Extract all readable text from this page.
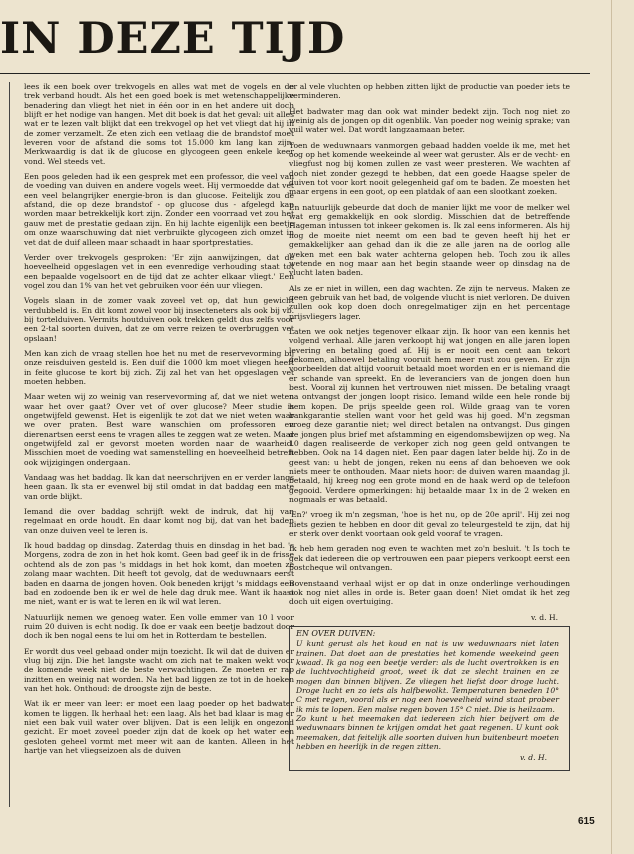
IN DEZE TIJD

lees ik een boek over trekvogels en alles wat met de vogels en de trek verband houdt. Als het een goed boek is met wetenschappelijke benadering dan vliegt het niet in één oor in en het andere uit doch blijft er het nodige van hangen. Met dit boek is dat het geval: uit alles wat er te lezen valt blijkt dat een trekvogel op het vet vliegt dat hij in de zomer verzamelt. Ze eten zich een vetlaag die de brandstof moet leveren voor de afstand die soms tot 15.000 km lang kan zijn. Merkwaardig is dat ik de glucose en glycogeen geen enkele keer vond. Wel steeds vet.

Een poos geleden had ik een gesprek met een professor, die veel van de voeding van duiven en andere vogels weet. Hij vermoedde dat vet een veel belangrijker energie-bron is dan glucose. Feitelijk zou de afstand, die op deze brandstof - op glucose dus - afgelegd kan worden maar betrekkelijk kort zijn. Zonder een voorraad vet zou het gauw met de prestatie gedaan zijn. En hij lachte eigenlijk een beetje om onze waarschuwing dat niet verbruikte glycogeen zich omzet in vet dat de duif alleen maar schaadt in haar sportprestaties.

Verder over trekvogels gesproken: 'Er zijn aanwijzingen, dat de hoeveelheid opgeslagen vet in een evenredige verhouding staat tot een bepaalde vogelsoort en de tijd dat ze achter elkaar vliegt.' Een vogel zou dan 1% van het vet gebruiken voor één uur vliegen.

Vogels slaan in de zomer vaak zoveel vet op, dat hun gewicht verdubbeld is. En dit komt zowel voor bij insecteneters als ook bij vb. bij tortelduiven. Vermits houtduiven ook trekken geldt dus zelfs voor een 2-tal soorten duiven, dat ze om verre reizen te overbruggen vet opslaan!

Men kan zich de vraag stellen hoe het nu met de reservevorming bij onze reisduiven gesteld is. Een duif die 1000 km moet vliegen heeft in feite glucose te kort bij zich. Zij zal het van het opgeslagen vet moeten hebben.

Maar weten wij zo weinig van reservevorming af, dat we niet weten waar het over gaat? Over vet of over glucose? Meer studie is ongetwijfeld gewenst. Het is eigenlijk te zot dat we niet weten waar we over praten. Best ware wanschien om professoren en dierenartsen eerst eens te vragen alles te zeggen wat ze weten. Maar ongetwijfeld zal er gevorst moeten worden naar de waarheid. Misschien moet de voeding wat samenstelling en hoeveelheid betreft ook wijzigingen ondergaan.

Vandaag was het baddag. Ik kan dat neerschrijven en er verder langs heen gaan. Ik sta er evenwel bij stil omdat in dat baddag een mate van orde blijkt.

Iemand die over baddag schrijft wekt de indruk, dat hij van regelmaat en orde houdt. En daar komt nog bij, dat van het baden van onze duiven veel te leren is.

Ik houd baddag op dinsdag. Zaterdag thuis en dinsdag in het bad. 's Morgens, zodra de zon in het hok komt. Geen bad geef ik in de frisse ochtend als de zon pas 's middags in het hok komt, dan moeten ze zolang maar wachten. Dit heeft tot gevolg, dat de weduwnaars eerst baden en daarna de jongen hoven. Ook beneden krijgt 's middags een bad en zodoende ben ik er wel de hele dag druk mee. Want ik haast me niet, want er is wat te leren en ik wil wat leren.

Natuurlijk nemen we genoeg water. Een volle emmer van 10 l voor ruim 20 duiven is echt nodig. Ik doe er vaak een beetje badzout door doch ik ben nogal eens te lui om het in Rotterdam te bestellen.

Er wordt dus veel gebaad onder mijn toezicht. Ik wil dat de duiven er vlug bij zijn. Die het langste wacht om zich nat te maken wekt voor de komende week niet de beste verwachtingen. Ze moeten er rap inzitten en weinig nat worden. Na het bad liggen ze tot in de hoeken van het hok. Onthoud: de droogste zijn de beste.

Wat ik er meer van leer: er moet een laag poeder op het badwater komen te liggen. Ik herhaal het: een laag. Als het bad klaar is mag er niet een bak vuil water over blijven. Dat is een lelijk en ongezond gezicht. Er moet zoveel poeder zijn dat de koek op het water een gesloten geheel vormt met meer wit aan de kanten. Alleen in het hartje van het vliegseizoen als de duiven

er al vele vluchten op hebben zitten lijkt de productie van poeder iets te verminderen.

Het badwater mag dan ook wat minder bedekt zijn. Toch nog niet zo weinig als de jongen op dit ogenblik. Van poeder nog weinig sprake; van vuil water wel. Dat wordt langzaamaan beter.

Toen de weduwnaars vanmorgen gebaad hadden voelde ik me, met het oog op het komende weekeinde al weer wat geruster. Als er de vecht- en vliegfust nog bij komen zullen ze vast weer presteren. We wachten af doch niet zonder gezegd te hebben, dat een goede Haagse speler de duiven tot voor kort nooit gelegenheid gaf om te baden. Ze moesten het maar ergens in een goot, op een platdak of aan een slootkant zoeken.

En natuurlijk gebeurde dat doch de manier lijkt me voor de melker wel wat erg gemakkelijk en ook slordig. Misschien dat de betreffende Hageman intussen tot inkeer gekomen is. Ik zal eens informeren. Als hij nog de moeite niet neemt om een bad te geven heeft hij het er gemakkelijker aan gehad dan ik die ze alle jaren na de oorlog alle weken met een bak water achterna gelopen heb. Toch zou ik alles wetende en nog maar aan het begin staande weer op dinsdag na de vlucht laten baden.

Als ze er niet in willen, een dag wachten. Ze zijn te nerveus. Maken ze geen gebruik van het bad, de volgende vlucht is niet verloren. De duiven zullen ook kop doen doch onregelmatiger zijn en het percentage prijsvliegers lager.

Laten we ook netjes tegenover elkaar zijn. Ik hoor van een kennis het volgend verhaal. Alle jaren verkoopt hij wat jongen en alle jaren lopen levering en betaling goed af. Hij is er nooit een cent aan tekort gekomen, alhoewel betaling vooruit hem meer rust zou geven. Er zijn voorbeelden dat altijd vooruit betaald moet worden en er is niemand die er schande van spreekt. En de leveranciers van de jongen doen hun best. Vooral zij kunnen het vertrouwen niet missen. De betaling vraagt na ontvangst der jongen loopt risico. Iemand wilde een hele ronde bij hem kopen. De prijs speelde geen rol. Wilde graag van te voren bankgarantie stellen want voor het geld was hij goed. M'n zegsman vroeg deze garantie niet; wel direct betalen na ontvangst. Dus gingen de jongen plus brief met afstamming en eigendomsbewijzen op weg. Na 10 dagen realiseerde de verkoper zich nog geen geld ontvangen te hebben. Ook na 14 dagen niet. Een paar dagen later belde hij. Zo in de geest van: u hebt de jongen, reken nu eens af dan behoeven we ook niets meer te onthouden. Maar niets hoor: de duiven waren maandag jl. betaald, hij kreeg nog een grote mond en de haak werd op de telefoon gegooid. Verdere opmerkingen: hij betaalde maar 1x in de 2 weken en nogmaals er was betaald.

'En?' vroeg ik m'n zegsman, 'hoe is het nu, op de 20e april'. Hij zei nog niets gezien te hebben en door dit geval zo teleurgesteld te zijn, dat hij er sterk over denkt voortaan ook geld vooraf te vragen.

Ik heb hem geraden nog even te wachten met zo'n besluit. 't Is toch te gek dat iedereen die op vertrouwen een paar piepers verkoopt eerst een postcheque wil ontvangen.

Bovenstaand verhaal wijst er op dat in onze onderlinge verhoudingen ook nog niet alles in orde is. Beter gaan doen! Niet omdat ik het zeg doch uit eigen overtuiging.

v. d. H.
EN OVER DUIVEN:

U kunt gerust als het koud en nat is uw weduwnaars niet laten trainen. Dat doet aan de prestaties het komende weekeind geen kwaad. Ik ga nog een beetje verder: als de lucht overtrokken is en de luchtvochtigheid groot, weet ik dat ze slecht trainen en ze mogen dan binnen blijven. Ze vliegen het liefst door droge lucht. Droge lucht en zo iets als halfbewolkt. Temperaturen beneden 10° C met regen, vooral als er nog een hoeveelheid wind staat probeer ik mis te lopen. Een malse regen boven 15° C niet. Die is heilzaam.

Zo kunt u het meemaken dat iedereen zich hier beijvert om de weduwnaars binnen te krijgen omdat het gaat regenen. U kunt ook meemaken, dat feitelijk alle soorten duiven hun buitenbeurt moeten hebben en heerlijk in de regen zitten.

v. d. H.
615
